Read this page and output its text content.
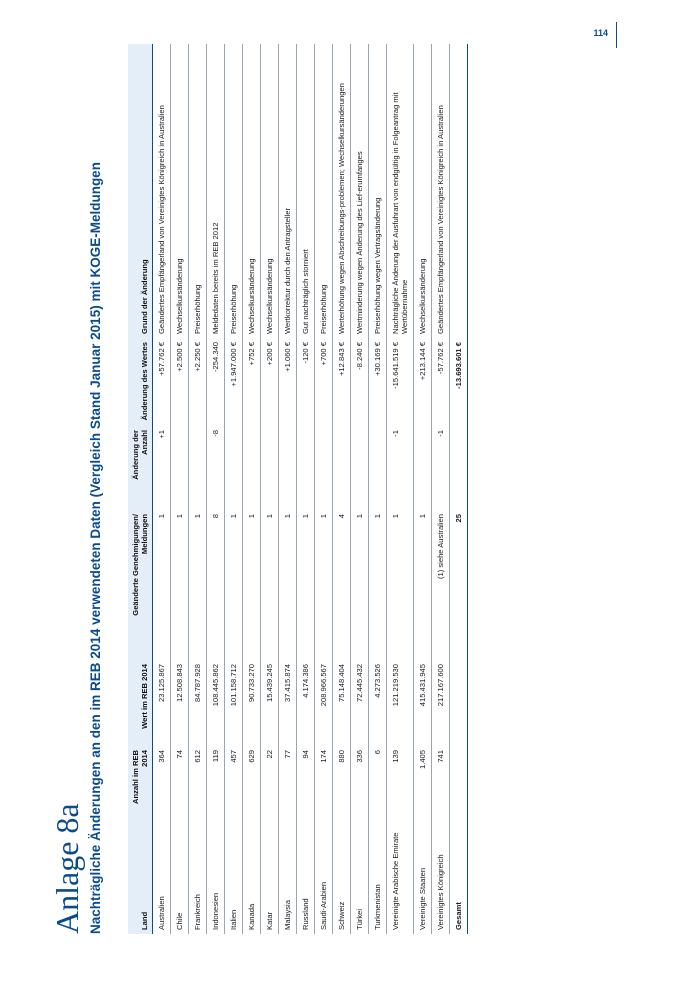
114
Anlage 8a Nachträgliche Änderungen an den im REB 2014 verwendeten Daten (Vergleich Stand Januar 2015) mit KOGE-Meldungen	Land	Anzahl im REB 2014	Wert im REB 2014	Geänderte Genehmigungen/ Meldungen	Änderung der Anzahl	Änderung des Wertes	Grund der Änderung
Australien	364	23.125.867	1	+1	+57.762 €	Geändertes Empfängerland von Vereinigtes Königreich in Australien
Chile	74	12.508.843	1		+2.500 €	Wechselkursänderung
Frankreich	612	84.787.928	1		+2.250 €	Preiserhöhung
Indonesien	119	108.445.862	8	-8	-254.340	Meldedaten bereits im REB 2012
Italien	457	101.158.712	1		+1.947.000 €	Preiserhöhung
Kanada	629	90.733.270	1		+752 €	Wechselkursänderung
Katar	22	15.439.245	1		+200 €	Wechselkursänderung
Malaysia	77	37.415.874	1		+1.060 €	Wertkorrektur durch den Antragsteller
Russland	94	4.174.386	1		-120 €	Gut nachträglich storniert
Saudi-Arabien	174	208.966.567	1		+700 €	Preiserhöhung
Schweiz	880	75.148.404	4		+12.843 €	Werterhöhung wegen Abschreibungs-problemen; Wechselkursänderungen
Türkei	336	72.445.432	1		-8.240 €	Wertminderung wegen Änderung des Lief-erumfanges
Turkmenistan	6	4.273.526	1		+30.169 €	Preiserhöhung wegen Vertragsänderung
Vereinigte Arabische Emirate	139	121.219.530	1	-1	-15.641.519 €	Nachträgliche Änderung der Ausfuhrart von endgültig in Folgeantrag mit Wertübernahme
Vereinigte Staaten	1.405	415.431.945	1		+213.144 €	Wechselkursänderung
Vereinigtes Königreich	741	217.167.600	(1) siehe Australien	-1	-57.762 €	Geändertes Empfängerland von Vereinigtes Königreich in Australien
Gesamt			25		-13.693.601 €	
